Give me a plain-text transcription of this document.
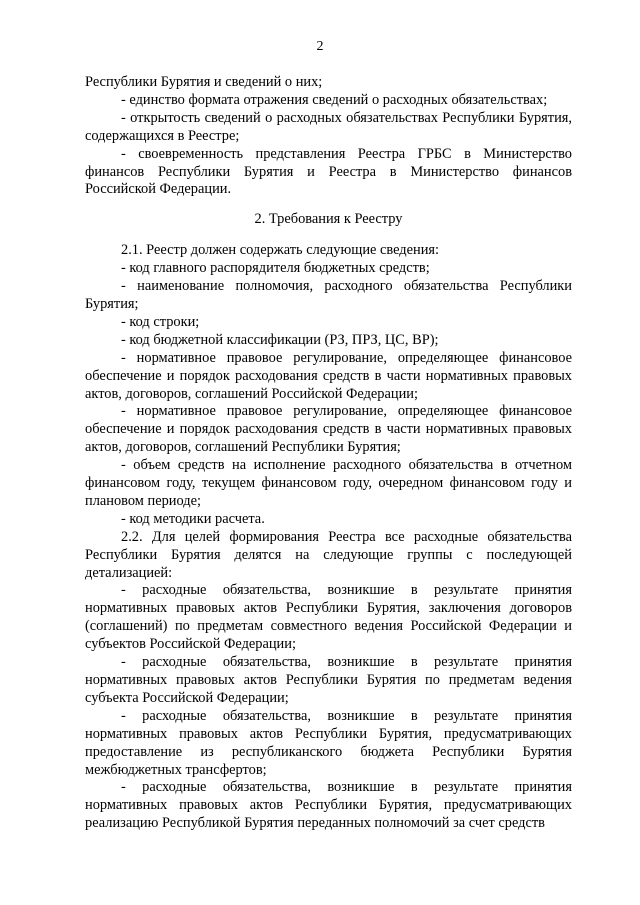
2

Республики Бурятия и сведений о них;

- единство формата отражения сведений о расходных обязательствах;

- открытость сведений о расходных обязательствах Республики Бурятия, содержащихся в Реестре;

- своевременность представления Реестра ГРБС в Министерство финансов Республики Бурятия и Реестра в Министерство финансов Российской Федерации.

2. Требования к Реестру

2.1. Реестр должен содержать следующие сведения:

- код главного распорядителя бюджетных средств;

- наименование полномочия, расходного обязательства Республики Бурятия;

- код строки;

- код бюджетной классификации (РЗ, ПРЗ, ЦС, ВР);

- нормативное правовое регулирование, определяющее финансовое обеспечение и порядок расходования средств в части нормативных правовых актов, договоров, соглашений Российской Федерации;

- нормативное правовое регулирование, определяющее финансовое обеспечение и порядок расходования средств в части нормативных правовых актов, договоров, соглашений Республики Бурятия;

- объем средств на исполнение расходного обязательства в отчетном финансовом году, текущем финансовом году, очередном финансовом году и плановом периоде;

- код методики расчета.

2.2. Для целей формирования Реестра все расходные обязательства Республики Бурятия делятся на следующие группы с последующей детализацией:

- расходные обязательства, возникшие в результате принятия нормативных правовых актов Республики Бурятия, заключения договоров (соглашений) по предметам совместного ведения Российской Федерации и субъектов Российской Федерации;

- расходные обязательства, возникшие в результате принятия нормативных правовых актов Республики Бурятия по предметам ведения субъекта Российской Федерации;

- расходные обязательства, возникшие в результате принятия нормативных правовых актов Республики Бурятия, предусматривающих предоставление из республиканского бюджета Республики Бурятия межбюджетных трансфертов;

- расходные обязательства, возникшие в результате принятия нормативных правовых актов Республики Бурятия, предусматривающих реализацию Республикой Бурятия переданных полномочий за счет средств
